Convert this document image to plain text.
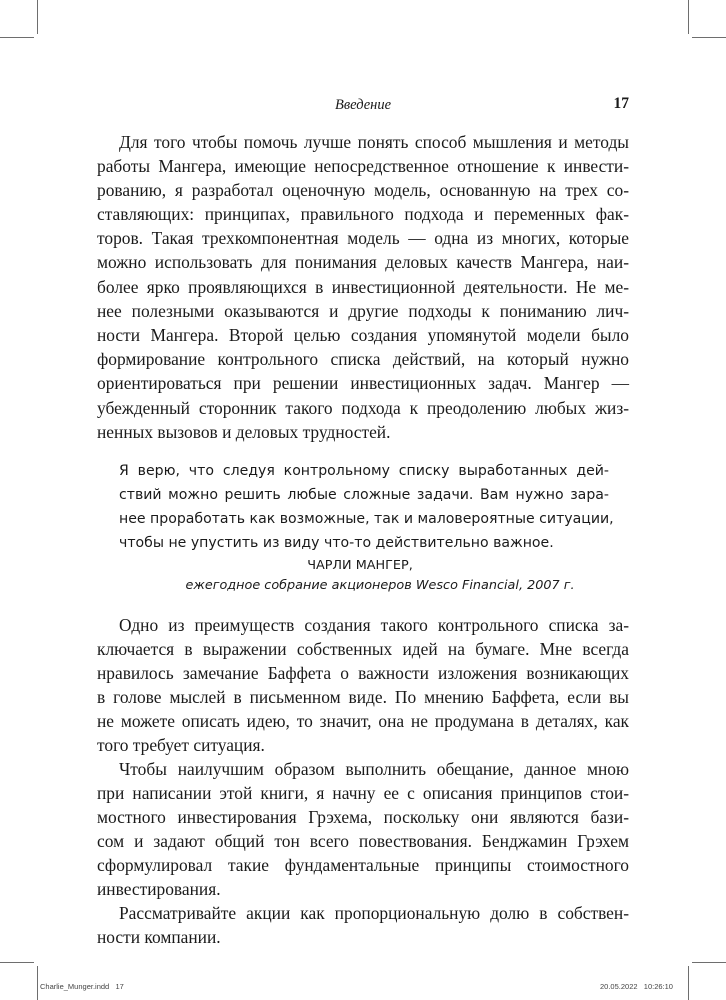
Введение	17
Для того чтобы помочь лучше понять способ мышления и методы
работы Мангера, имеющие непосредственное отношение к инвести-
рованию, я разработал оценочную модель, основанную на трех со-
ставляющих: принципах, правильного подхода и переменных фак-
торов. Такая трехкомпонентная модель — одна из многих, которые
можно использовать для понимания деловых качеств Мангера, наи-
более ярко проявляющихся в инвестиционной деятельности. Не ме-
нее полезными оказываются и другие подходы к пониманию лич-
ности Мангера. Второй целью создания упомянутой модели было
формирование контрольного списка действий, на который нужно
ориентироваться при решении инвестиционных задач. Мангер —
убежденный сторонник такого подхода к преодолению любых жиз-
ненных вызовов и деловых трудностей.
Я верю, что следуя контрольному списку выработанных дей-
ствий можно решить любые сложные задачи. Вам нужно зара-
нее проработать как возможные, так и маловероятные ситуации,
чтобы не упустить из виду что-то действительно важное.
ЧАРЛИ МАНГЕР,
ежегодное собрание акционеров Wesco Financial, 2007 г.
Одно из преимуществ создания такого контрольного списка за-
ключается в выражении собственных идей на бумаге. Мне всегда
нравилось замечание Баффета о важности изложения возникающих
в голове мыслей в письменном виде. По мнению Баффета, если вы
не можете описать идею, то значит, она не продумана в деталях, как
того требует ситуация.
Чтобы наилучшим образом выполнить обещание, данное мною
при написании этой книги, я начну ее с описания принципов стои-
мостного инвестирования Грэхема, поскольку они являются бази-
сом и задают общий тон всего повествования. Бенджамин Грэхем
сформулировал такие фундаментальные принципы стоимостного
инвестирования.
Рассматривайте акции как пропорциональную долю в собствен-
ности компании.
Charlie_Munger.indd   17	20.05.2022   10:26:10
